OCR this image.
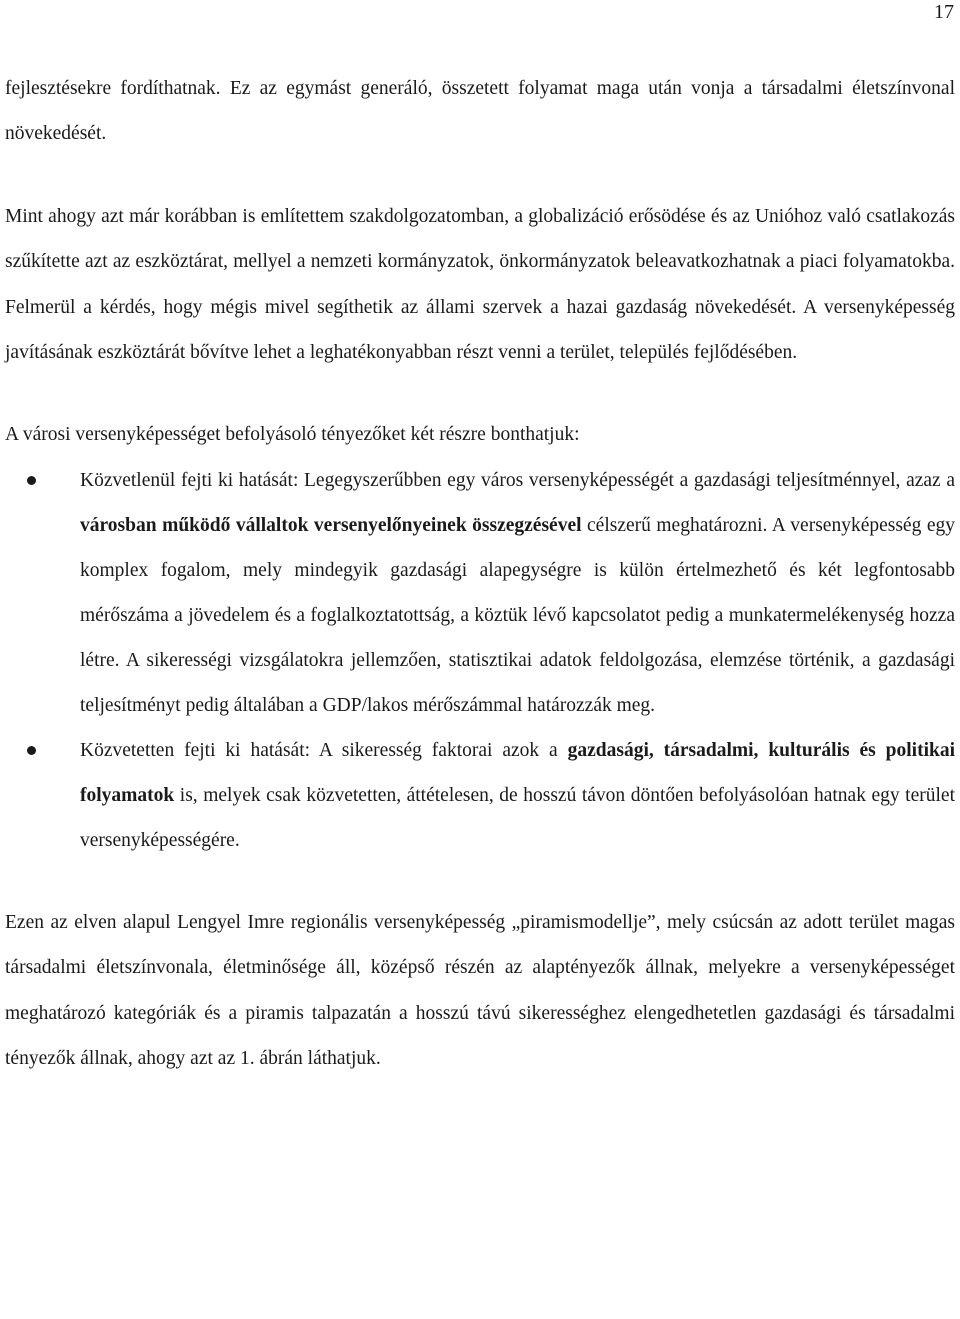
17

fejlesztésekre fordíthatnak. Ez az egymást generáló, összetett folyamat maga után vonja a társadalmi életszínvonal növekedését.

Mint ahogy azt már korábban is említettem szakdolgozatomban, a globalizáció erősödése és az Unióhoz való csatlakozás szűkítette azt az eszköztárat, mellyel a nemzeti kormányzatok, önkormányzatok beleavatkozhatnak a piaci folyamatokba. Felmerül a kérdés, hogy mégis mivel segíthetik az állami szervek a hazai gazdaság növekedését. A versenyképesség javításának eszköztárát bővítve lehet a leghatékonyabban részt venni a terület, település fejlődésében.

A városi versenyképességet befolyásoló tényezőket két részre bonthatjuk:

Közvetlenül fejti ki hatását: Legegyszerűbben egy város versenyképességét a gazdasági teljesítménnyel, azaz a városban működő vállaltok versenyelőnyeinek összegzésével célszerű meghatározni. A versenyképesség egy komplex fogalom, mely mindegyik gazdasági alapegységre is külön értelmezhető és két legfontosabb mérőszáma a jövedelem és a foglalkoztatottság, a köztük lévő kapcsolatot pedig a munkatermelékenység hozza létre. A sikerességi vizsgálatokra jellemzően, statisztikai adatok feldolgozása, elemzése történik, a gazdasági teljesítményt pedig általában a GDP/lakos mérőszámmal határozzák meg.

Közvetetten fejti ki hatását: A sikeresség faktorai azok a gazdasági, társadalmi, kulturális és politikai folyamatok is, melyek csak közvetetten, áttételesen, de hosszú távon döntően befolyásolóan hatnak egy terület versenyképességére.

Ezen az elven alapul Lengyel Imre regionális versenyképesség „piramismodellje”, mely csúcsán az adott terület magas társadalmi életszínvonala, életminősége áll, középső részén az alaptényezők állnak, melyekre a versenyképességet meghatározó kategóriák és a piramis talpazatán a hosszú távú sikerességhez elengedhetetlen gazdasági és társadalmi tényezők állnak, ahogy azt az 1. ábrán láthatjuk.
